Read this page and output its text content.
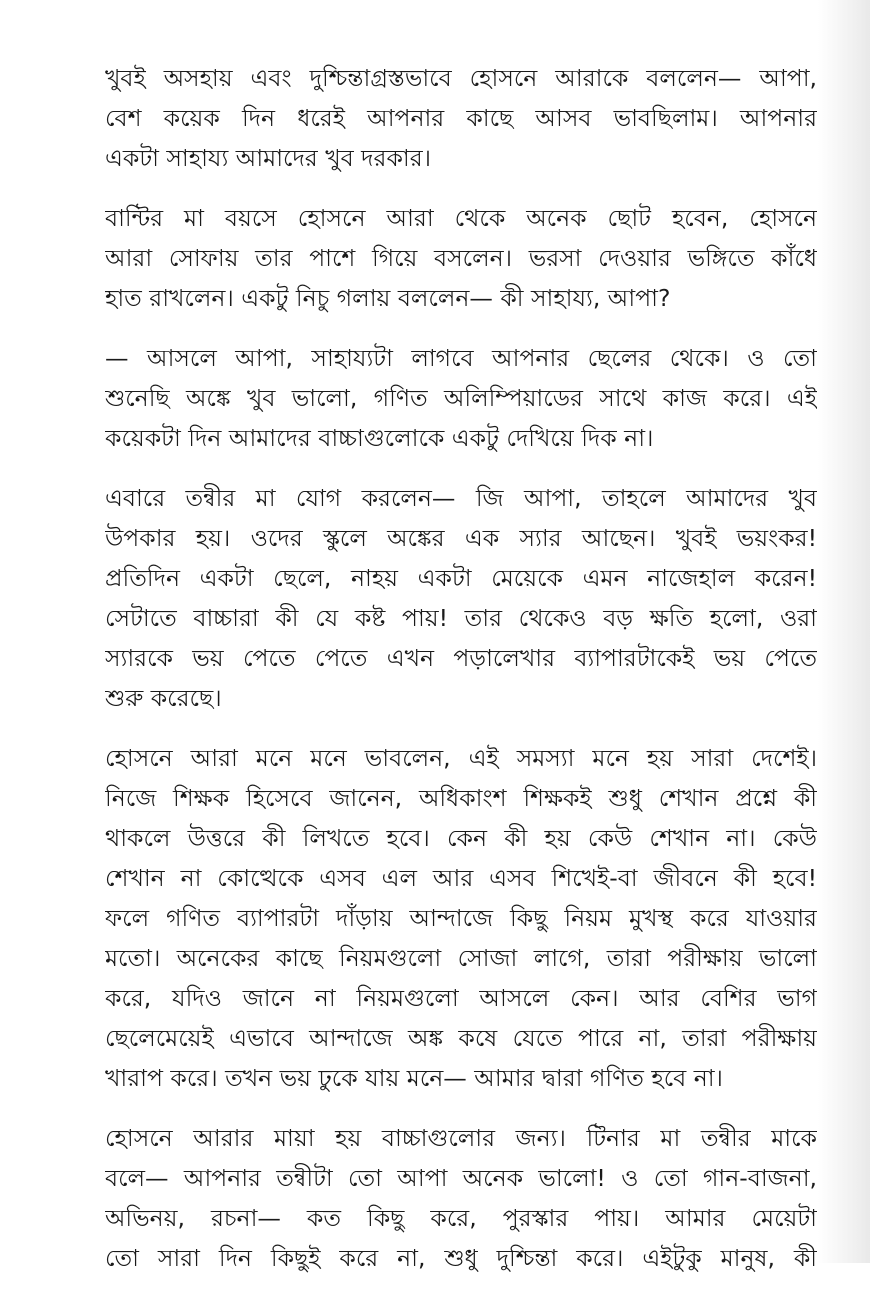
খুবই অসহায় এবং দুশ্চিন্তাগ্রস্তভাবে হোসনে আরাকে বললেন— আপা,
বেশ কয়েক দিন ধরেই আপনার কাছে আসব ভাবছিলাম। আপনার
একটা সাহায্য আমাদের খুব দরকার।

বান্টির মা বয়সে হোসনে আরা থেকে অনেক ছোট হবেন, হোসনে
আরা সোফায় তার পাশে গিয়ে বসলেন। ভরসা দেওয়ার ভঙ্গিতে কাঁধে
হাত রাখলেন। একটু নিচু গলায় বললেন— কী সাহায্য, আপা?

— আসলে আপা, সাহায্যটা লাগবে আপনার ছেলের থেকে। ও তো
শুনেছি অঙ্কে খুব ভালো, গণিত অলিম্পিয়াডের সাথে কাজ করে। এই
কয়েকটা দিন আমাদের বাচ্চাগুলোকে একটু দেখিয়ে দিক না।

এবারে তন্বীর মা যোগ করলেন— জি আপা, তাহলে আমাদের খুব
উপকার হয়। ওদের স্কুলে অঙ্কের এক স্যার আছেন। খুবই ভয়ংকর!
প্রতিদিন একটা ছেলে, নাহয় একটা মেয়েকে এমন নাজেহাল করেন!
সেটাতে বাচ্চারা কী যে কষ্ট পায়! তার থেকেও বড় ক্ষতি হলো, ওরা
স্যারকে ভয় পেতে পেতে এখন পড়ালেখার ব্যাপারটাকেই ভয় পেতে
শুরু করেছে।

হোসনে আরা মনে মনে ভাবলেন, এই সমস্যা মনে হয় সারা দেশেই।
নিজে শিক্ষক হিসেবে জানেন, অধিকাংশ শিক্ষকই শুধু শেখান প্রশ্নে কী
থাকলে উত্তরে কী লিখতে হবে। কেন কী হয় কেউ শেখান না। কেউ
শেখান না কোত্থেকে এসব এল আর এসব শিখেই-বা জীবনে কী হবে!
ফলে গণিত ব্যাপারটা দাঁড়ায় আন্দাজে কিছু নিয়ম মুখস্থ করে যাওয়ার
মতো। অনেকের কাছে নিয়মগুলো সোজা লাগে, তারা পরীক্ষায় ভালো
করে, যদিও জানে না নিয়মগুলো আসলে কেন। আর বেশির ভাগ
ছেলেমেয়েই এভাবে আন্দাজে অঙ্ক কষে যেতে পারে না, তারা পরীক্ষায়
খারাপ করে। তখন ভয় ঢুকে যায় মনে— আমার দ্বারা গণিত হবে না।

হোসনে আরার মায়া হয় বাচ্চাগুলোর জন্য। টিনার মা তন্বীর মাকে
বলে— আপনার তন্বীটা তো আপা অনেক ভালো! ও তো গান-বাজনা,
অভিনয়, রচনা— কত কিছু করে, পুরস্কার পায়। আমার মেয়েটা
তো সারা দিন কিছুই করে না, শুধু দুশ্চিন্তা করে। এইটুকু মানুষ, কী
